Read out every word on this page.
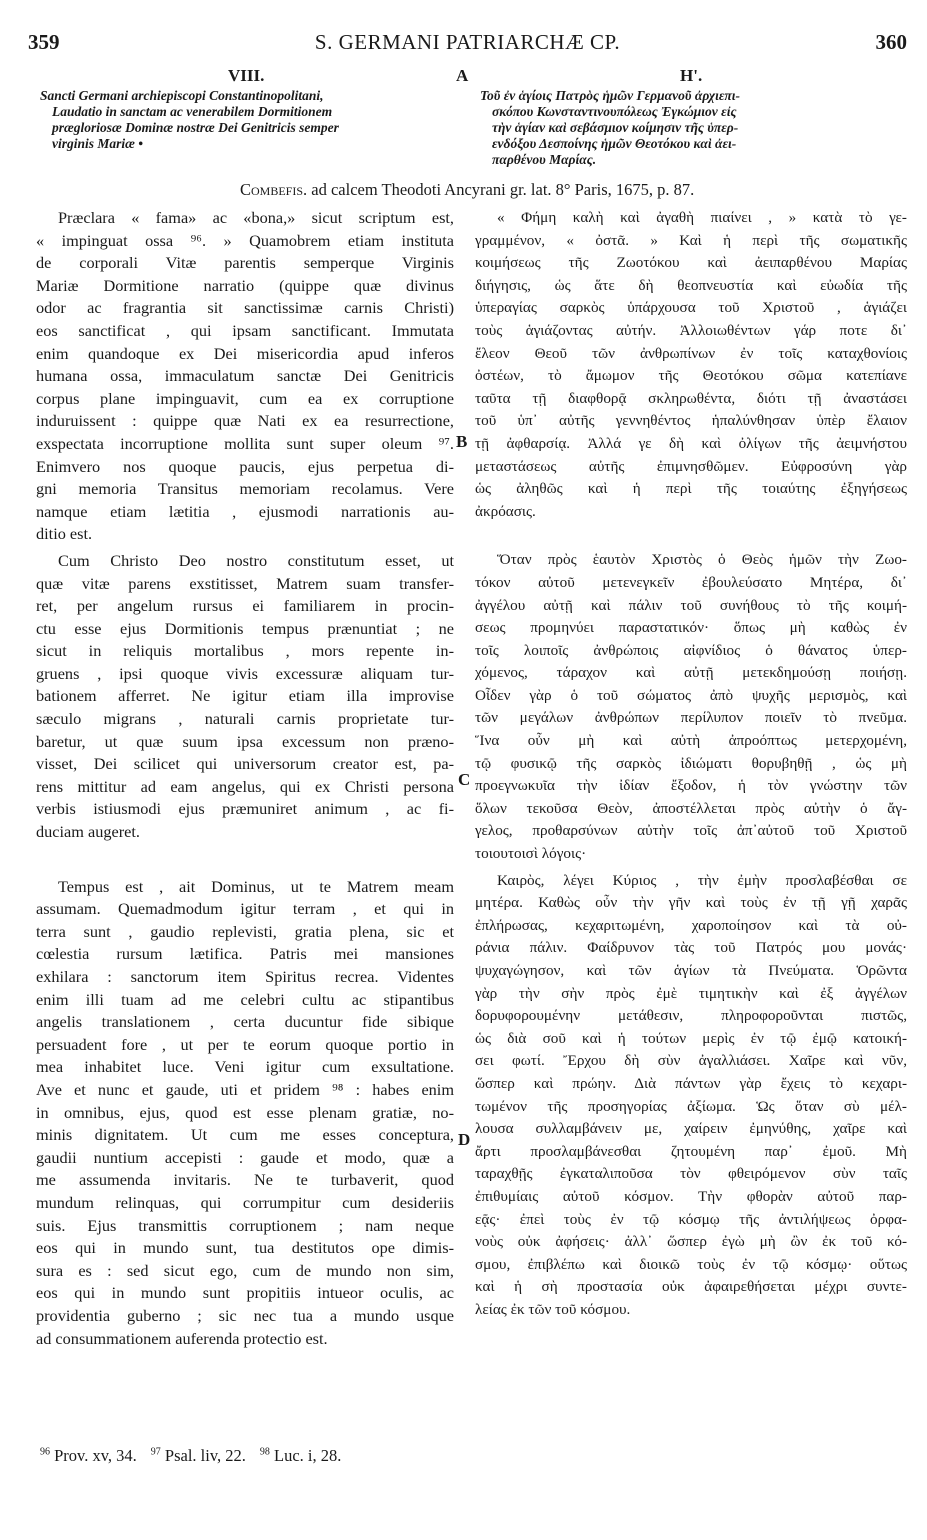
359	S. GERMANI PATRIARCHÆ CP.	360
VIII.	A	Η'.
Sancti Germani archiepiscopi Constantinopolitani,
Laudatio in sanctam ac venerabilem Dormitionem
prægloriosæ Dominæ nostræ Dei Genitricis semper
virginis Mariæ •
Τοῦ ἐν ἁγίοις Πατρὸς ἡμῶν Γερμανοῦ ἀρχιεπι-
σκόπου Κωνσταντινουπόλεως Ἐγκώμιον εἰς
τὴν ἁγίαν καὶ σεβάσμιον κοίμησιν τῆς ὑπερ-
ενδόξου Δεσποίνης ἡμῶν Θεοτόκου καὶ ἀει-
παρθένου Μαρίας.
Combefis. ad calcem Theodoti Ancyrani gr. lat. 8° Paris, 1675, p. 87.

Præclara « fama» ac «bona,» sicut scriptum est,
« impinguat ossa ⁹⁶. » Quamobrem etiam instituta
de corporali Vitæ parentis semperque Virginis
Mariæ Dormitione narratio (quippe quæ divinus
odor ac fragrantia sit sanctissimæ carnis Christi)
eos sanctificat , qui ipsam sanctificant. Immutata
enim quandoque ex Dei misericordia apud inferos
humana ossa, immaculatum sanctæ Dei Genitricis
corpus plane impinguavit, cum ea ex corruptione
induruissent : quippe quæ Nati ex ea resurrectione,
exspectata incorruptione mollita sunt super oleum ⁹⁷.
Enimvero nos quoque paucis, ejus perpetua di-
gni memoria Transitus memoriam recolamus. Vere
namque etiam lætitia , ejusmodi narrationis au-
ditio est.

Cum Christo Deo nostro constitutum esset, ut
quæ vitæ parens exstitisset, Matrem suam transfer-
ret, per angelum rursus ei familiarem in procin-
ctu esse ejus Dormitionis tempus prænuntiat ; ne
sicut in reliquis mortalibus , mors repente in-
gruens , ipsi quoque vivis excessuræ aliquam tur-
bationem afferret. Ne igitur etiam illa improvise
sæculo migrans , naturali carnis proprietate tur-
baretur, ut quæ suum ipsa excessum non præno-
visset, Dei scilicet qui universorum creator est, pa-
rens mittitur ad eam angelus, qui ex Christi persona
verbis istiusmodi ejus præmuniret animum , ac fi-
duciam augeret.

Tempus est , ait Dominus, ut te Matrem meam
assumam. Quemadmodum igitur terram , et qui in
terra sunt , gaudio replevisti, gratia plena, sic et
cœlestia rursum lætifica. Patris mei mansiones
exhilara : sanctorum item Spiritus recrea. Videntes
enim illi tuam ad me celebri cultu ac stipantibus
angelis translationem , certa ducuntur fide sibique
persuadent fore , ut per te eorum quoque portio in
mea inhabitet luce. Veni igitur cum exsultatione.
Ave et nunc et gaude, uti et pridem ⁹⁸ : habes enim
in omnibus, ejus, quod est esse plenam gratiæ, no-
minis dignitatem. Ut cum me esses conceptura,
gaudii nuntium accepisti : gaude et modo, quæ a
me assumenda invitaris. Ne te turbaverit, quod
mundum relinquas, qui corrumpitur cum desideriis
suis. Ejus transmittis corruptionem ; nam neque
eos qui in mundo sunt, tua destitutos ope dimis-
sura es : sed sicut ego, cum de mundo non sim,
eos qui in mundo sunt propitiis intueor oculis, ac
providentia guberno ; sic nec tua a mundo usque
ad consummationem auferenda protectio est.

« Φήμη καλὴ καὶ ἀγαθὴ πιαίνει , » κατὰ τὸ γε-
γραμμένον, « ὀστᾶ. » Καὶ ἡ περὶ τῆς σωματικῆς
κοιμήσεως τῆς Ζωοτόκου καὶ ἀειπαρθένου Μαρίας
διήγησις, ὡς ἅτε δὴ θεοπνευστία καὶ εὐωδία τῆς
ὑπεραγίας σαρκὸς ὑπάρχουσα τοῦ Χριστοῦ , ἁγιάζει
τοὺς ἁγιάζοντας αὐτήν. Ἀλλοιωθέντων γάρ ποτε δι᾽
ἔλεον Θεοῦ τῶν ἀνθρωπίνων ἐν τοῖς καταχθονίοις
ὀστέων, τὸ ἄμωμον τῆς Θεοτόκου σῶμα κατεπίανε
ταῦτα τῇ διαφθορᾷ σκληρωθέντα, διότι τῇ ἀναστάσει
τοῦ ὑπ᾽ αὐτῆς γεννηθέντος ἡπαλύνθησαν ὑπὲρ ἔλαιον
τῇ ἀφθαρσίᾳ. Ἀλλά γε δὴ καὶ ὀλίγων τῆς ἀειμνήστου
μεταστάσεως αὐτῆς ἐπιμνησθῶμεν. Εὐφροσύνη γὰρ
ὡς ἀληθῶς καὶ ἡ περὶ τῆς τοιαύτης ἐξηγήσεως
ἀκρόασις.

Ὅταν πρὸς ἑαυτὸν Χριστὸς ὁ Θεὸς ἡμῶν τὴν Ζωο-
τόκον αὐτοῦ μετενεγκεῖν ἐβουλεύσατο Μητέρα, δι᾽
ἀγγέλου αὐτῇ καὶ πάλιν τοῦ συνήθους τὸ τῆς κοιμή-
σεως προμηνύει παραστατικόν· ὅπως μὴ καθὼς ἐν
τοῖς λοιποῖς ἀνθρώποις αἰφνίδιος ὁ θάνατος ὑπερ-
χόμενος, τάραχον καὶ αὐτῇ μετεκδημούσῃ ποιήσῃ.
Οἶδεν γὰρ ὁ τοῦ σώματος ἀπὸ ψυχῆς μερισμὸς, καὶ
τῶν μεγάλων ἀνθρώπων περίλυπον ποιεῖν τὸ πνεῦμα.
Ἵνα οὖν μὴ καὶ αὐτὴ ἀπροόπτως μετερχομένη,
τῷ φυσικῷ τῆς σαρκὸς ἰδιώματι θορυβηθῇ , ὡς μὴ
προεγνωκυῖα τὴν ἰδίαν ἔξοδον, ἡ τὸν γνώστην τῶν
ὅλων τεκοῦσα Θεὸν, ἀποστέλλεται πρὸς αὐτὴν ὁ ἄγ-
γελος, προθαρσύνων αὐτὴν τοῖς ἀπ᾽αὐτοῦ τοῦ Χριστοῦ
τοιουτοισὶ λόγοις·

Καιρὸς, λέγει Κύριος , τὴν ἐμὴν προσλαβέσθαι σε
μητέρα. Καθὼς οὖν τὴν γῆν καὶ τοὺς ἐν τῇ γῇ χαρᾶς
ἐπλήρωσας, κεχαριτωμένη, χαροποίησον καὶ τὰ οὐ-
ράνια πάλιν. Φαίδρυνον τὰς τοῦ Πατρός μου μονάς·
ψυχαγώγησον, καὶ τῶν ἁγίων τὰ Πνεύματα. Ὁρῶντα
γὰρ τὴν σὴν πρὸς ἐμὲ τιμητικὴν καὶ ἐξ ἀγγέλων
δορυφορουμένην μετάθεσιν, πληροφοροῦνται πιστῶς,
ὡς διὰ σοῦ καὶ ἡ τούτων μερὶς ἐν τῷ ἐμῷ κατοική-
σει φωτί. Ἔρχου δὴ σὺν ἀγαλλιάσει. Χαῖρε καὶ νῦν,
ὥσπερ καὶ πρώην. Διὰ πάντων γὰρ ἔχεις τὸ κεχαρι-
τωμένον τῆς προσηγορίας ἀξίωμα. Ὡς ὅταν σὺ μέλ-
λουσα συλλαμβάνειν με, χαίρειν ἐμηνύθης, χαῖρε καὶ
ἄρτι προσλαμβάνεσθαι ζητουμένη παρ᾽ ἐμοῦ. Μὴ
ταραχθῇς ἐγκαταλιποῦσα τὸν φθειρόμενον σὺν ταῖς
ἐπιθυμίαις αὐτοῦ κόσμον. Τὴν φθορὰν αὐτοῦ παρ-
εᾷς· ἐπεὶ τοὺς ἐν τῷ κόσμῳ τῆς ἀντιλήψεως ὀρφα-
νοὺς οὐκ ἀφήσεις· ἀλλ᾽ ὥσπερ ἐγὼ μὴ ὢν ἐκ τοῦ κό-
σμου, ἐπιβλέπω καὶ διοικῶ τοὺς ἐν τῷ κόσμῳ· οὕτως
καὶ ἡ σὴ προστασία οὐκ ἀφαιρεθήσεται μέχρι συντε-
λείας ἐκ τῶν τοῦ κόσμου.

B
C
D
$^{96}$ Prov. xv, 34. $^{97}$ Psal. liv, 22. $^{98}$ Luc. i, 28.
